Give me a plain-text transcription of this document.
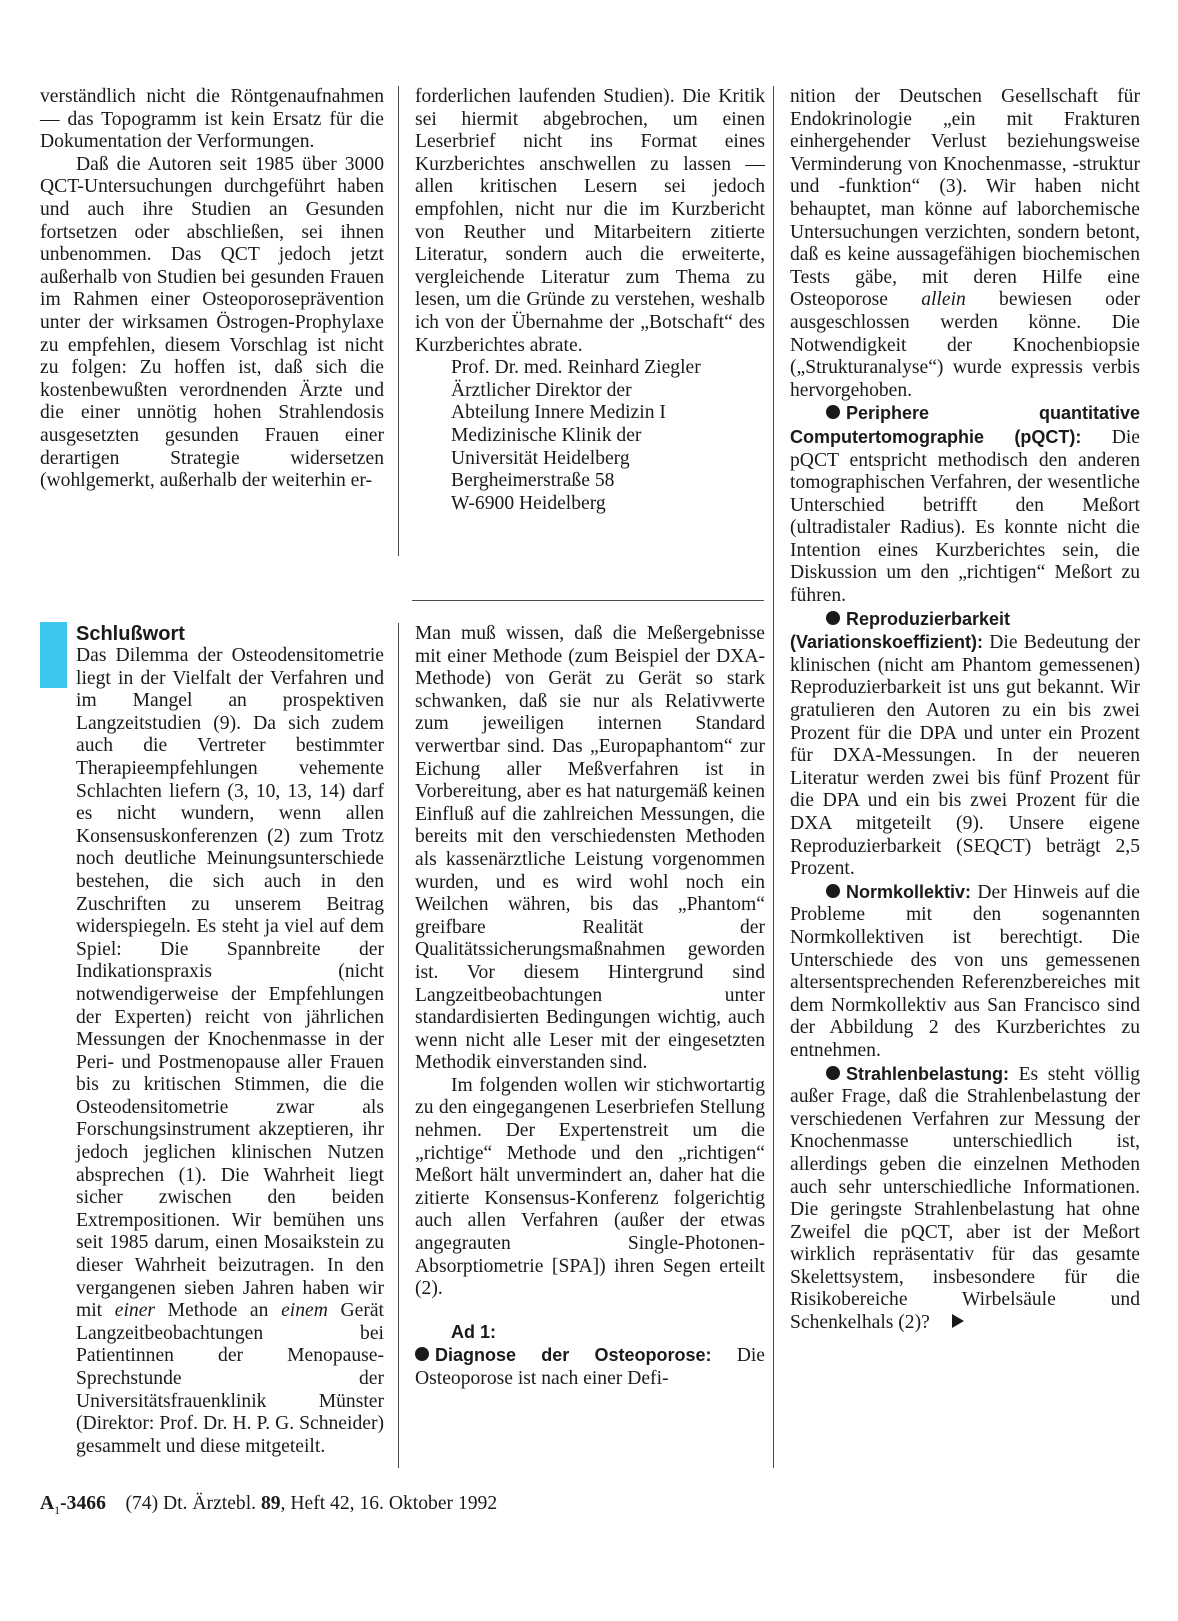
verständlich nicht die Röntgenaufnahmen — das Topogramm ist kein Ersatz für die Dokumentation der Verformungen.

Daß die Autoren seit 1985 über 3000 QCT-Untersuchungen durchgeführt haben und auch ihre Studien an Gesunden fortsetzen oder abschließen, sei ihnen unbenommen. Das QCT jedoch jetzt außerhalb von Studien bei gesunden Frauen im Rahmen einer Osteoporoseprävention unter der wirksamen Östrogen-Prophylaxe zu empfehlen, diesem Vorschlag ist nicht zu folgen: Zu hoffen ist, daß sich die kostenbewußten verordnenden Ärzte und die einer unnötig hohen Strahlendosis ausgesetzten gesunden Frauen einer derartigen Strategie widersetzen (wohlgemerkt, außerhalb der weiterhin er-

Schlußwort

Das Dilemma der Osteodensitometrie liegt in der Vielfalt der Verfahren und im Mangel an prospektiven Langzeitstudien (9). Da sich zudem auch die Vertreter bestimmter Therapieempfehlungen vehemente Schlachten liefern (3, 10, 13, 14) darf es nicht wundern, wenn allen Konsensuskonferenzen (2) zum Trotz noch deutliche Meinungsunterschiede bestehen, die sich auch in den Zuschriften zu unserem Beitrag widerspiegeln. Es steht ja viel auf dem Spiel: Die Spannbreite der Indikationspraxis (nicht notwendigerweise der Empfehlungen der Experten) reicht von jährlichen Messungen der Knochenmasse in der Peri- und Postmenopause aller Frauen bis zu kritischen Stimmen, die die Osteodensitometrie zwar als Forschungsinstrument akzeptieren, ihr jedoch jeglichen klinischen Nutzen absprechen (1). Die Wahrheit liegt sicher zwischen den beiden Extrempositionen. Wir bemühen uns seit 1985 darum, einen Mosaikstein zu dieser Wahrheit beizutragen. In den vergangenen sieben Jahren haben wir mit einer Methode an einem Gerät Langzeitbeobachtungen bei Patientinnen der Menopause-Sprechstunde der Universitätsfrauenklinik Münster (Direktor: Prof. Dr. H. P. G. Schneider) gesammelt und diese mitgeteilt.

forderlichen laufenden Studien). Die Kritik sei hiermit abgebrochen, um einen Leserbrief nicht ins Format eines Kurzberichtes anschwellen zu lassen — allen kritischen Lesern sei jedoch empfohlen, nicht nur die im Kurzbericht von Reuther und Mitarbeitern zitierte Literatur, sondern auch die erweiterte, vergleichende Literatur zum Thema zu lesen, um die Gründe zu verstehen, weshalb ich von der Übernahme der „Botschaft“ des Kurzberichtes abrate.

Prof. Dr. med. Reinhard Ziegler
Ärztlicher Direktor der
Abteilung Innere Medizin I
Medizinische Klinik der
Universität Heidelberg
Bergheimerstraße 58
W-6900 Heidelberg

Man muß wissen, daß die Meßergebnisse mit einer Methode (zum Beispiel der DXA-Methode) von Gerät zu Gerät so stark schwanken, daß sie nur als Relativwerte zum jeweiligen internen Standard verwertbar sind. Das „Europaphantom“ zur Eichung aller Meßverfahren ist in Vorbereitung, aber es hat naturgemäß keinen Einfluß auf die zahlreichen Messungen, die bereits mit den verschiedensten Methoden als kassenärztliche Leistung vorgenommen wurden, und es wird wohl noch ein Weilchen währen, bis das „Phantom“ greifbare Realität der Qualitätssicherungsmaßnahmen geworden ist. Vor diesem Hintergrund sind Langzeitbeobachtungen unter standardisierten Bedingungen wichtig, auch wenn nicht alle Leser mit der eingesetzten Methodik einverstanden sind.

Im folgenden wollen wir stichwortartig zu den eingegangenen Leserbriefen Stellung nehmen. Der Expertenstreit um die „richtige“ Methode und den „richtigen“ Meßort hält unvermindert an, daher hat die zitierte Konsensus-Konferenz folgerichtig auch allen Verfahren (außer der etwas angegrauten Single-Photonen-Absorptiometrie [SPA]) ihren Segen erteilt (2).

Ad 1:

Diagnose der Osteoporose: Die Osteoporose ist nach einer Defi-

nition der Deutschen Gesellschaft für Endokrinologie „ein mit Frakturen einhergehender Verlust beziehungsweise Verminderung von Knochenmasse, -struktur und -funktion“ (3). Wir haben nicht behauptet, man könne auf laborchemische Untersuchungen verzichten, sondern betont, daß es keine aussagefähigen biochemischen Tests gäbe, mit deren Hilfe eine Osteoporose allein bewiesen oder ausgeschlossen werden könne. Die Notwendigkeit der Knochenbiopsie („Strukturanalyse“) wurde expressis verbis hervorgehoben.

Periphere quantitative Computertomographie (pQCT): Die pQCT entspricht methodisch den anderen tomographischen Verfahren, der wesentliche Unterschied betrifft den Meßort (ultradistaler Radius). Es konnte nicht die Intention eines Kurzberichtes sein, die Diskussion um den „richtigen“ Meßort zu führen.

Reproduzierbarkeit (Variationskoeffizient): Die Bedeutung der klinischen (nicht am Phantom gemessenen) Reproduzierbarkeit ist uns gut bekannt. Wir gratulieren den Autoren zu ein bis zwei Prozent für die DPA und unter ein Prozent für DXA-Messungen. In der neueren Literatur werden zwei bis fünf Prozent für die DPA und ein bis zwei Prozent für die DXA mitgeteilt (9). Unsere eigene Reproduzierbarkeit (SEQCT) beträgt 2,5 Prozent.

Normkollektiv: Der Hinweis auf die Probleme mit den sogenannten Normkollektiven ist berechtigt. Die Unterschiede des von uns gemessenen altersentsprechenden Referenzbereiches mit dem Normkollektiv aus San Francisco sind der Abbildung 2 des Kurzberichtes zu entnehmen.

Strahlenbelastung: Es steht völlig außer Frage, daß die Strahlenbelastung der verschiedenen Verfahren zur Messung der Knochenmasse unterschiedlich ist, allerdings geben die einzelnen Methoden auch sehr unterschiedliche Informationen. Die geringste Strahlenbelastung hat ohne Zweifel die pQCT, aber ist der Meßort wirklich repräsentativ für das gesamte Skelettsystem, insbesondere für die Risikobereiche Wirbelsäule und Schenkelhals (2)?

$A_1-3466$ (74) Dt. Ärztebl. 89, Heft 42, 16. Oktober 1992
